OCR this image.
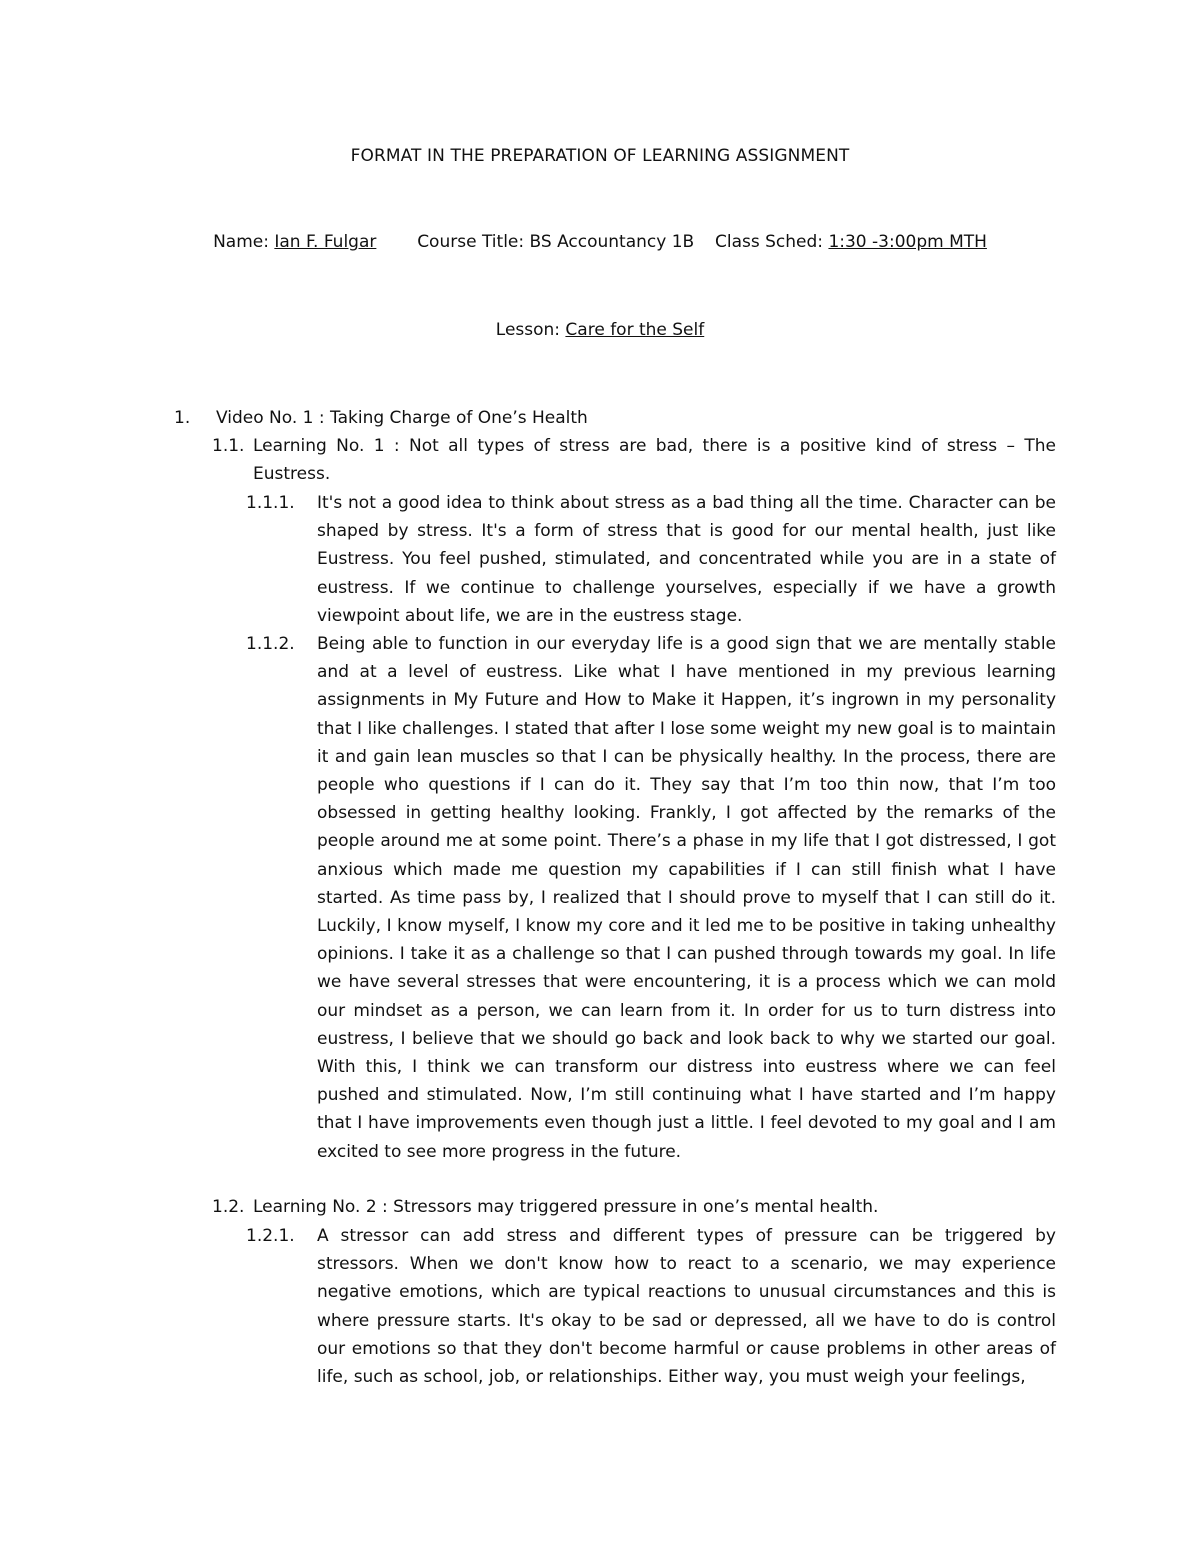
FORMAT IN THE PREPARATION OF LEARNING ASSIGNMENT
Name: Ian F. Fulgar Course Title: BS Accountancy 1B Class Sched: 1:30 -3:00pm MTH
Lesson: Care for the Self
1. Video No. 1 : Taking Charge of One’s Health
1.1. Learning No. 1 : Not all types of stress are bad, there is a positive kind of stress – The Eustress.
1.1.1. It's not a good idea to think about stress as a bad thing all the time. Character can be shaped by stress. It's a form of stress that is good for our mental health, just like Eustress. You feel pushed, stimulated, and concentrated while you are in a state of eustress. If we continue to challenge yourselves, especially if we have a growth viewpoint about life, we are in the eustress stage.
1.1.2. Being able to function in our everyday life is a good sign that we are mentally stable and at a level of eustress. Like what I have mentioned in my previous learning assignments in My Future and How to Make it Happen, it’s ingrown in my personality that I like challenges. I stated that after I lose some weight my new goal is to maintain it and gain lean muscles so that I can be physically healthy. In the process, there are people who questions if I can do it. They say that I’m too thin now, that I’m too obsessed in getting healthy looking. Frankly, I got affected by the remarks of the people around me at some point. There’s a phase in my life that I got distressed, I got anxious which made me question my capabilities if I can still finish what I have started. As time pass by, I realized that I should prove to myself that I can still do it. Luckily, I know myself, I know my core and it led me to be positive in taking unhealthy opinions. I take it as a challenge so that I can pushed through towards my goal. In life we have several stresses that were encountering, it is a process which we can mold our mindset as a person, we can learn from it. In order for us to turn distress into eustress, I believe that we should go back and look back to why we started our goal. With this, I think we can transform our distress into eustress where we can feel pushed and stimulated. Now, I’m still continuing what I have started and I’m happy that I have improvements even though just a little. I feel devoted to my goal and I am excited to see more progress in the future.
1.2. Learning No. 2 : Stressors may triggered pressure in one’s mental health.
1.2.1. A stressor can add stress and different types of pressure can be triggered by stressors. When we don't know how to react to a scenario, we may experience negative emotions, which are typical reactions to unusual circumstances and this is where pressure starts. It's okay to be sad or depressed, all we have to do is control our emotions so that they don't become harmful or cause problems in other areas of life, such as school, job, or relationships. Either way, you must weigh your feelings,
